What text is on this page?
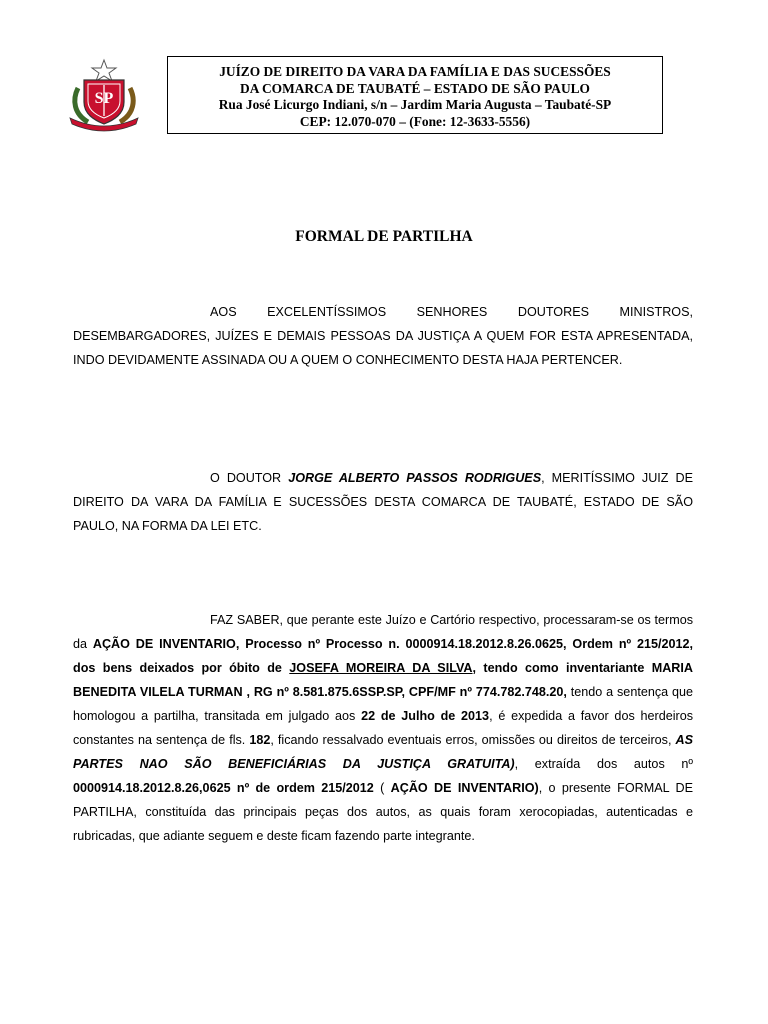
SP
JUÍZO DE DIREITO DA VARA DA FAMÍLIA E DAS SUCESSÕES
DA COMARCA DE TAUBATÉ – ESTADO DE SÃO PAULO
Rua José Licurgo Indiani, s/n – Jardim Maria Augusta – Taubaté-SP
CEP: 12.070-070 – (Fone: 12-3633-5556)
FORMAL DE PARTILHA
AOS EXCELENTÍSSIMOS SENHORES DOUTORES MINISTROS, DESEMBARGADORES, JUÍZES E DEMAIS PESSOAS DA JUSTIÇA A QUEM FOR ESTA APRESENTADA, INDO DEVIDAMENTE ASSINADA OU A QUEM O CONHECIMENTO DESTA HAJA PERTENCER.
O DOUTOR JORGE ALBERTO PASSOS RODRIGUES, MERITÍSSIMO JUIZ DE DIREITO DA VARA DA FAMÍLIA E SUCESSÕES DESTA COMARCA DE TAUBATÉ, ESTADO DE SÃO PAULO, NA FORMA DA LEI ETC.
FAZ SABER, que perante este Juízo e Cartório respectivo, processaram-se os termos da AÇÃO DE INVENTARIO, Processo nº Processo n. 0000914.18.2012.8.26.0625, Ordem nº 215/2012, dos bens deixados por óbito de JOSEFA MOREIRA DA SILVA, tendo como inventariante MARIA BENEDITA VILELA TURMAN , RG nº 8.581.875.6SSP.SP, CPF/MF nº 774.782.748.20, tendo a sentença que homologou a partilha, transitada em julgado aos 22 de Julho de 2013, é expedida a favor dos herdeiros constantes na sentença de fls. 182, ficando ressalvado eventuais erros, omissões ou direitos de terceiros, AS PARTES NAO SÃO BENEFICIÁRIAS DA JUSTIÇA GRATUITA), extraída dos autos nº 0000914.18.2012.8.26,0625 nº de ordem 215/2012 ( AÇÃO DE INVENTARIO), o presente FORMAL DE PARTILHA, constituída das principais peças dos autos, as quais foram xerocopiadas, autenticadas e rubricadas, que adiante seguem e deste ficam fazendo parte integrante.
